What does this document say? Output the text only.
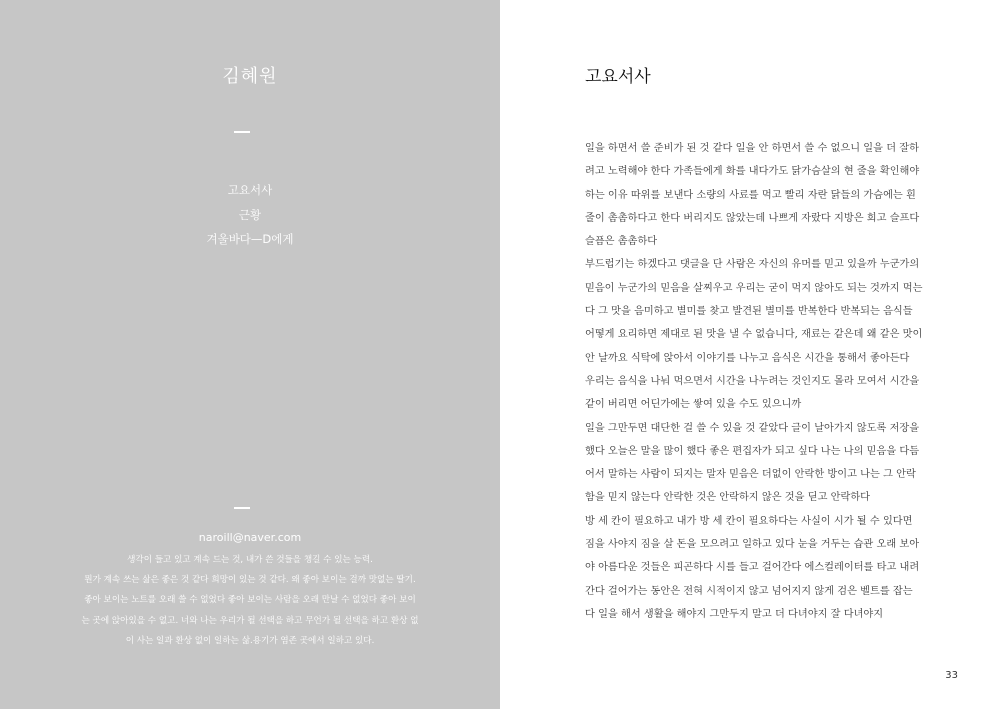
김혜원
고요서사
근황
겨울바다—D에게
naroill@naver.com
생각이 들고 있고 계속 드는 것, 내가 쓴 것들을 챙길 수 있는 능력.
뭔가 계속 쓰는 삶은 좋은 것 같다 희망이 있는 것 같다. 왜 좋아 보이는 걸까 맛없는 딸기.
좋아 보이는 노트를 오래 쓸 수 없었다 좋아 보이는 사람을 오래 만날 수 없었다 좋아 보이
는 곳에 앉아있을 수 없고. 너와 나는 우리가 될 선택을 하고 무언가 될 선택을 하고 환상 없
이 사는 일과 환상 없이 일하는 삶.용기가 염존 곳에서 일하고 있다.
고요서사
일을 하면서 쓸 준비가 된 것 같다 일을 안 하면서 쓸 수 없으니 일을 더 잘하
려고 노력해야 한다 가족들에게 화를 내다가도 닭가슴살의 현 줄을 확인해야
하는 이유 따위를 보낸다 소량의 사료를 먹고 빨리 자란 닭들의 가슴에는 흰
줄이 촘촘하다고 한다 버리지도 않았는데 나쁘게 자랐다 지방은 희고 슬프다
슬픔은 촘촘하다
부드럽기는 하겠다고 댓글을 단 사람은 자신의 유머를 믿고 있을까 누군가의
믿음이 누군가의 믿음을 살찌우고 우리는 굳이 먹지 않아도 되는 것까지 먹는
다 그 맛을 음미하고 별미를 찾고 발견된 별미를 반복한다 반복되는 음식들
어떻게 요리하면 제대로 된 맛을 낼 수 없습니다, 재료는 같은데 왜 같은 맛이
안 날까요 식탁에 앉아서 이야기를 나누고 음식은 시간을 통해서 좋아든다
우리는 음식을 나눠 먹으면서 시간을 나누려는 것인지도 몰라 모여서 시간을
같이 버리면 어딘가에는 쌓여 있을 수도 있으니까
일을 그만두면 대단한 걸 쓸 수 있을 것 같았다 글이 날아가지 않도록 저장을
했다 오늘은 말을 많이 했다 좋은 편집자가 되고 싶다 나는 나의 믿음을 다듬
어서 말하는 사람이 되지는 말자 믿음은 더없이 안락한 방이고 나는 그 안락
함을 믿지 않는다 안락한 것은 안락하지 않은 것을 딛고 안락하다
방 세 칸이 필요하고 내가 방 세 칸이 필요하다는 사실이 시가 될 수 있다면
짐을 사야지 짐을 살 돈을 모으려고 일하고 있다 눈을 거두는 습관 오래 보아
야 아름다운 것들은 피곤하다 시를 들고 걸어간다 에스컬레이터를 타고 내려
간다 걸어가는 동안은 전혀 시적이지 않고 넘어지지 않게 검은 벨트를 잡는
다 일을 해서 생활을 해야지 그만두지 말고 더 다녀야지 잘 다녀야지
33
